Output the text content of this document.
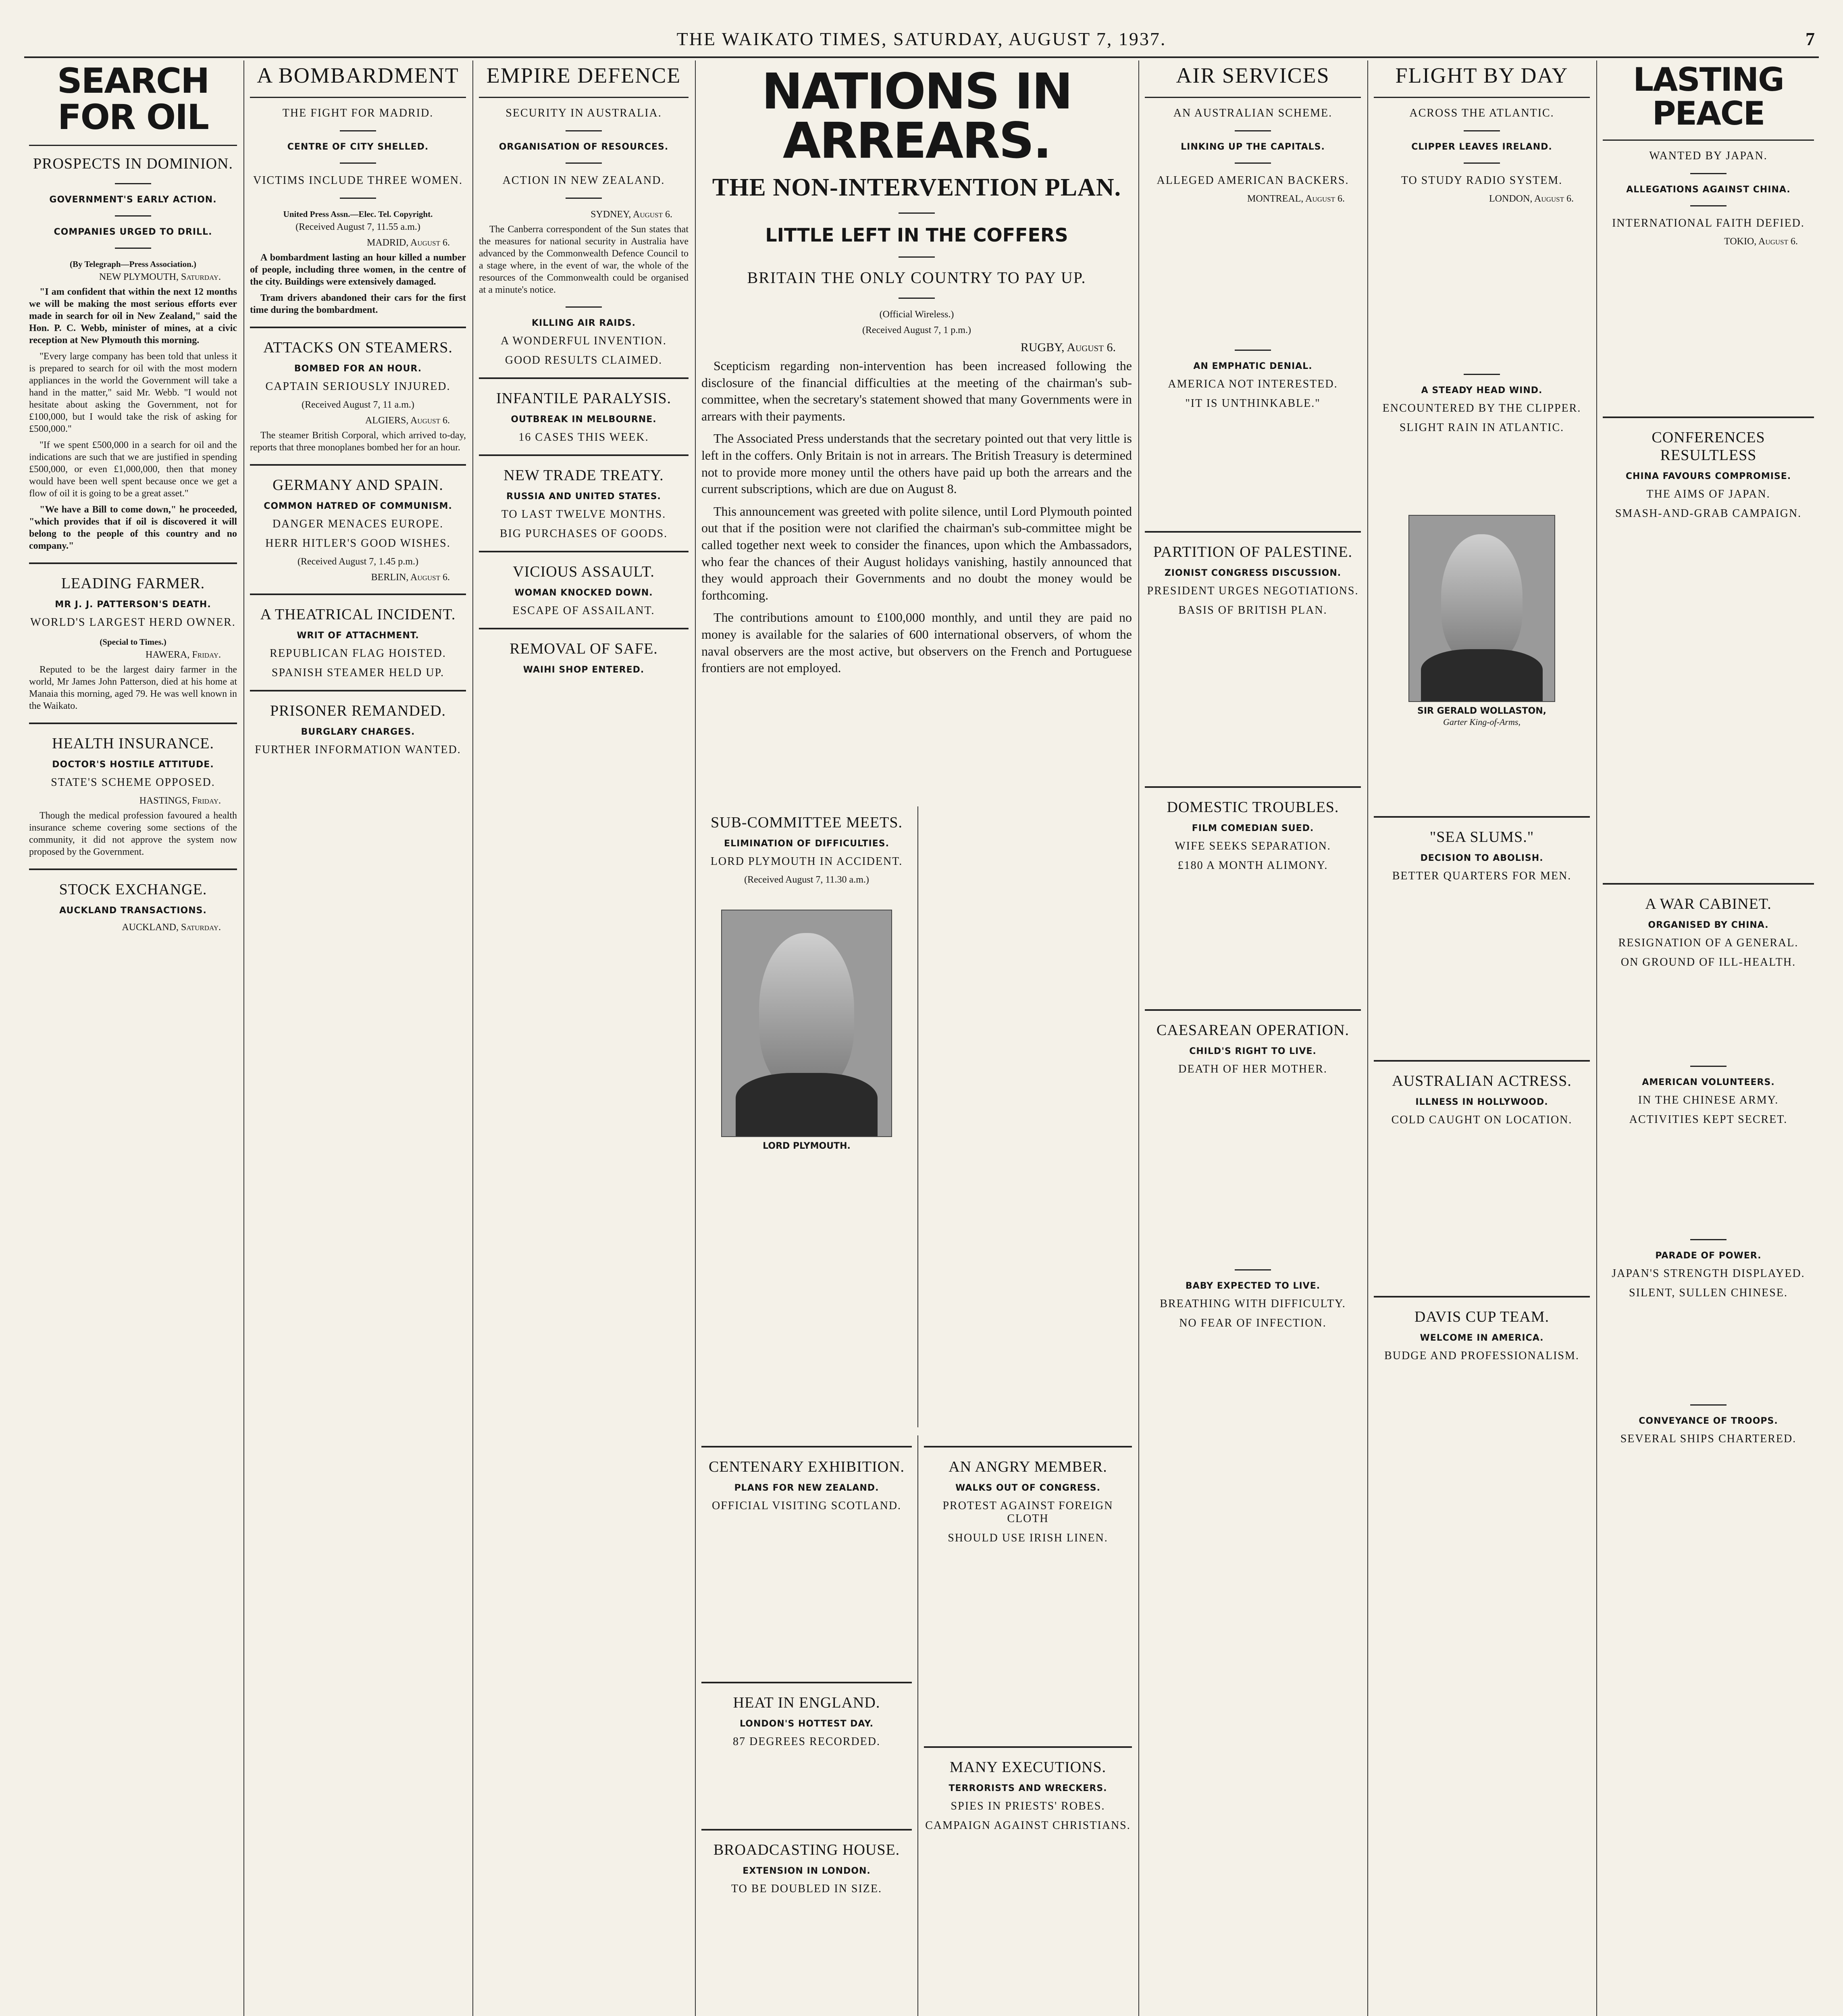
THE WAIKATO TIMES, SATURDAY, AUGUST 7, 1937.	7
SEARCH FOR OIL
PROSPECTS IN DOMINION.
GOVERNMENT'S EARLY ACTION.
COMPANIES URGED TO DRILL.
(By Telegraph—Press Association.)
NEW PLYMOUTH, Saturday.

"I am confident that within the next 12 months we will be making the most serious efforts ever made in search for oil in New Zealand," said the Hon. P. C. Webb, minister of mines, at a civic reception at New Plymouth this morning.

"Every large company has been told that unless it is prepared to search for oil with the most modern appliances in the world the Government will take a hand in the matter," said Mr. Webb. "I would not hesitate about asking the Government, not for £100,000, but I would take the risk of asking for £500,000."

"If we spent £500,000 in a search for oil and the indications are such that we are justified in spending £500,000, or even £1,000,000, then that money would have been well spent because once we get a flow of oil it is going to be a great asset."

"We have a Bill to come down," he proceeded, "which provides that if oil is discovered it will belong to the people of this country and no company."

LEADING FARMER.
MR J. J. PATTERSON'S DEATH.
WORLD'S LARGEST HERD OWNER.
(Special to Times.)
HAWERA, Friday.

Reputed to be the largest dairy farmer in the world, Mr James John Patterson, died at his home at Manaia this morning, aged 79. He was well known in the Waikato.

HEALTH INSURANCE.
DOCTOR'S HOSTILE ATTITUDE.
STATE'S SCHEME OPPOSED.
HASTINGS, Friday.

Though the medical profession favoured a health insurance scheme covering some sections of the community, it did not approve the system now proposed by the Government.

STOCK EXCHANGE.
AUCKLAND TRANSACTIONS.
AUCKLAND, Saturday.
A BOMBARDMENT
THE FIGHT FOR MADRID.
CENTRE OF CITY SHELLED.
VICTIMS INCLUDE THREE WOMEN.
United Press Assn.—Elec. Tel. Copyright.
(Received August 7, 11.55 a.m.)
MADRID, August 6.

A bombardment lasting an hour killed a number of people, including three women, in the centre of the city. Buildings were extensively damaged.

Tram drivers abandoned their cars for the first time during the bombardment.

ATTACKS ON STEAMERS.
BOMBED FOR AN HOUR.
CAPTAIN SERIOUSLY INJURED.
(Received August 7, 11 a.m.)
ALGIERS, August 6.

The steamer British Corporal, which arrived to-day, reports that three monoplanes bombed her for an hour.

GERMANY AND SPAIN.
COMMON HATRED OF COMMUNISM.
DANGER MENACES EUROPE.
HERR HITLER'S GOOD WISHES.
(Received August 7, 1.45 p.m.)
BERLIN, August 6.
A THEATRICAL INCIDENT.
WRIT OF ATTACHMENT.
REPUBLICAN FLAG HOISTED.
SPANISH STEAMER HELD UP.
PRISONER REMANDED.
BURGLARY CHARGES.
FURTHER INFORMATION WANTED.
EMPIRE DEFENCE
SECURITY IN AUSTRALIA.
ORGANISATION OF RESOURCES.
ACTION IN NEW ZEALAND.
SYDNEY, August 6.

The Canberra correspondent of the Sun states that the measures for national security in Australia have advanced by the Commonwealth Defence Council to a stage where, in the event of war, the whole of the resources of the Commonwealth could be organised at a minute's notice.

KILLING AIR RAIDS.
A WONDERFUL INVENTION.
GOOD RESULTS CLAIMED.
INFANTILE PARALYSIS.
OUTBREAK IN MELBOURNE.
16 CASES THIS WEEK.
NEW TRADE TREATY.
RUSSIA AND UNITED STATES.
TO LAST TWELVE MONTHS.
BIG PURCHASES OF GOODS.
VICIOUS ASSAULT.
WOMAN KNOCKED DOWN.
ESCAPE OF ASSAILANT.
REMOVAL OF SAFE.
WAIHI SHOP ENTERED.
NATIONS IN ARREARS.
THE NON-INTERVENTION PLAN.
LITTLE LEFT IN THE COFFERS
BRITAIN THE ONLY COUNTRY TO PAY UP.
(Official Wireless.)
(Received August 7, 1 p.m.)
RUGBY, August 6.

Scepticism regarding non-intervention has been increased following the disclosure of the financial difficulties at the meeting of the chairman's sub-committee, when the secretary's statement showed that many Governments were in arrears with their payments.

The Associated Press understands that the secretary pointed out that very little is left in the coffers. Only Britain is not in arrears. The British Treasury is determined not to provide more money until the others have paid up both the arrears and the current subscriptions, which are due on August 8.

This announcement was greeted with polite silence, until Lord Plymouth pointed out that if the position were not clarified the chairman's sub-committee might be called together next week to consider the finances, upon which the Ambassadors, who fear the chances of their August holidays vanishing, hastily announced that they would approach their Governments and no doubt the money would be forthcoming.

The contributions amount to £100,000 monthly, and until they are paid no money is available for the salaries of 600 international observers, of whom the naval observers are the most active, but observers on the French and Portuguese frontiers are not employed.

SUB-COMMITTEE MEETS.
ELIMINATION OF DIFFICULTIES.
LORD PLYMOUTH IN ACCIDENT.
(Received August 7, 11.30 a.m.)
LORD PLYMOUTH.
CENTENARY EXHIBITION.
PLANS FOR NEW ZEALAND.
OFFICIAL VISITING SCOTLAND.
HEAT IN ENGLAND.
LONDON'S HOTTEST DAY.
87 DEGREES RECORDED.
BROADCASTING HOUSE.
EXTENSION IN LONDON.
TO BE DOUBLED IN SIZE.
AN ANGRY MEMBER.
WALKS OUT OF CONGRESS.
PROTEST AGAINST FOREIGN CLOTH
SHOULD USE IRISH LINEN.
MANY EXECUTIONS.
TERRORISTS AND WRECKERS.
SPIES IN PRIESTS' ROBES.
CAMPAIGN AGAINST CHRISTIANS.
AIR SERVICES
AN AUSTRALIAN SCHEME.
LINKING UP THE CAPITALS.
ALLEGED AMERICAN BACKERS.
MONTREAL, August 6.
AN EMPHATIC DENIAL.
AMERICA NOT INTERESTED.
"IT IS UNTHINKABLE."
PARTITION OF PALESTINE.
ZIONIST CONGRESS DISCUSSION.
PRESIDENT URGES NEGOTIATIONS.
BASIS OF BRITISH PLAN.
DOMESTIC TROUBLES.
FILM COMEDIAN SUED.
WIFE SEEKS SEPARATION.
£180 A MONTH ALIMONY.
CAESAREAN OPERATION.
CHILD'S RIGHT TO LIVE.
DEATH OF HER MOTHER.
BABY EXPECTED TO LIVE.
BREATHING WITH DIFFICULTY.
NO FEAR OF INFECTION.
FLIGHT BY DAY
ACROSS THE ATLANTIC.
CLIPPER LEAVES IRELAND.
TO STUDY RADIO SYSTEM.
LONDON, August 6.
A STEADY HEAD WIND.
ENCOUNTERED BY THE CLIPPER.
SLIGHT RAIN IN ATLANTIC.
SIR GERALD WOLLASTON,
Garter King-of-Arms,
"SEA SLUMS."
DECISION TO ABOLISH.
BETTER QUARTERS FOR MEN.
AUSTRALIAN ACTRESS.
ILLNESS IN HOLLYWOOD.
COLD CAUGHT ON LOCATION.
DAVIS CUP TEAM.
WELCOME IN AMERICA.
BUDGE AND PROFESSIONALISM.
LASTING PEACE
WANTED BY JAPAN.
ALLEGATIONS AGAINST CHINA.
INTERNATIONAL FAITH DEFIED.
TOKIO, August 6.
CONFERENCES RESULTLESS
CHINA FAVOURS COMPROMISE.
THE AIMS OF JAPAN.
SMASH-AND-GRAB CAMPAIGN.
A WAR CABINET.
ORGANISED BY CHINA.
RESIGNATION OF A GENERAL.
ON GROUND OF ILL-HEALTH.
AMERICAN VOLUNTEERS.
IN THE CHINESE ARMY.
ACTIVITIES KEPT SECRET.
PARADE OF POWER.
JAPAN'S STRENGTH DISPLAYED.
SILENT, SULLEN CHINESE.
CONVEYANCE OF TROOPS.
SEVERAL SHIPS CHARTERED.
